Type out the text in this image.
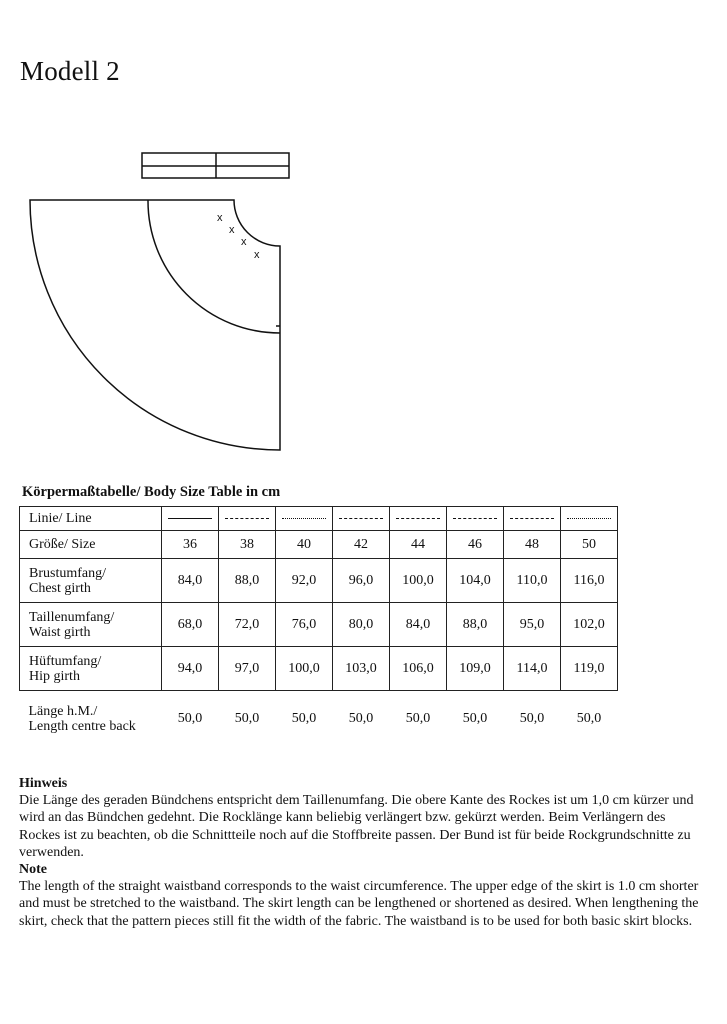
Modell 2
x
x
x
x
Körpermaßtabelle/ Body Size Table in cm
Linie/ Line								
Größe/ Size	36	38	40	42	44	46	48	50
Brustumfang/
Chest girth	84,0	88,0	92,0	96,0	100,0	104,0	110,0	116,0
Taillenumfang/
Waist girth	68,0	72,0	76,0	80,0	84,0	88,0	95,0	102,0
Hüftumfang/
Hip girth	94,0	97,0	100,0	103,0	106,0	109,0	114,0	119,0
Länge h.M./
Length centre back	50,0	50,0	50,0	50,0	50,0	50,0	50,0	50,0
Hinweis

Die Länge des geraden Bündchens entspricht dem Taillenumfang. Die obere Kante des Rockes ist um 1,0 cm kürzer und wird an das Bündchen gedehnt. Die Rocklänge kann beliebig verlängert bzw. gekürzt werden. Beim Verlängern des Rockes ist zu beachten, ob die Schnittteile noch auf die Stoffbreite passen. Der Bund ist für beide Rockgrundschnitte zu verwenden.

Note

The length of the straight waistband corresponds to the waist circumference. The upper edge of the skirt is 1.0 cm shorter and must be stretched to the waistband. The skirt length can be lengthened or shortened as desired. When lengthening the skirt, check that the pattern pieces still fit the width of the fabric. The waistband is to be used for both basic skirt blocks.
